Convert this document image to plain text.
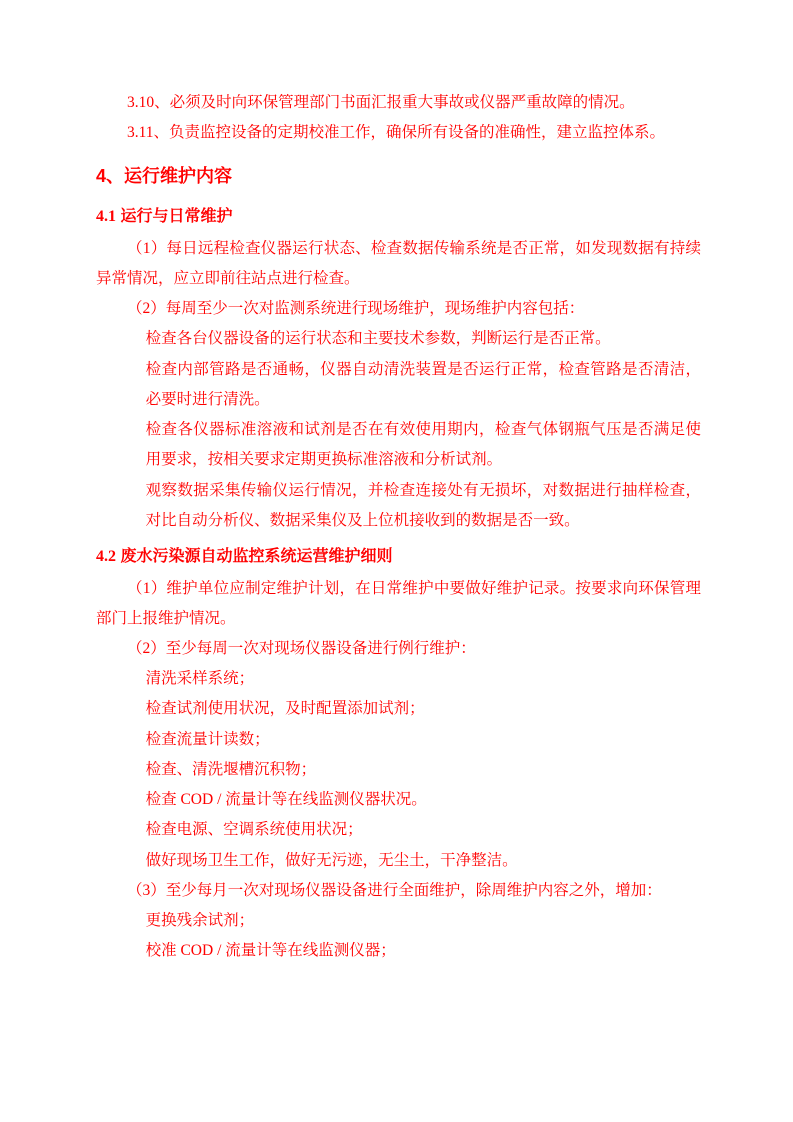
3.10、必须及时向环保管理部门书面汇报重大事故或仪器严重故障的情况。

3.11、负责监控设备的定期校准工作，确保所有设备的准确性，建立监控体系。

4、运行维护内容

4.1 运行与日常维护

（1）每日远程检查仪器运行状态、检查数据传输系统是否正常，如发现数据有持续异常情况，应立即前往站点进行检查。

（2）每周至少一次对监测系统进行现场维护，现场维护内容包括：

检查各台仪器设备的运行状态和主要技术参数，判断运行是否正常。

检查内部管路是否通畅，仪器自动清洗装置是否运行正常，检查管路是否清洁，必要时进行清洗。

检查各仪器标准溶液和试剂是否在有效使用期内，检查气体钢瓶气压是否满足使用要求，按相关要求定期更换标准溶液和分析试剂。

观察数据采集传输仪运行情况，并检查连接处有无损坏，对数据进行抽样检查，对比自动分析仪、数据采集仪及上位机接收到的数据是否一致。

4.2 废水污染源自动监控系统运营维护细则

（1）维护单位应制定维护计划，在日常维护中要做好维护记录。按要求向环保管理部门上报维护情况。

（2）至少每周一次对现场仪器设备进行例行维护：

清洗采样系统；

检查试剂使用状况，及时配置添加试剂；

检查流量计读数；

检查、清洗堰槽沉积物；

检查 COD / 流量计等在线监测仪器状况。

检查电源、空调系统使用状况；

做好现场卫生工作，做好无污迹，无尘土，干净整洁。

（3）至少每月一次对现场仪器设备进行全面维护，除周维护内容之外，增加：

更换残余试剂；

校准 COD / 流量计等在线监测仪器；
